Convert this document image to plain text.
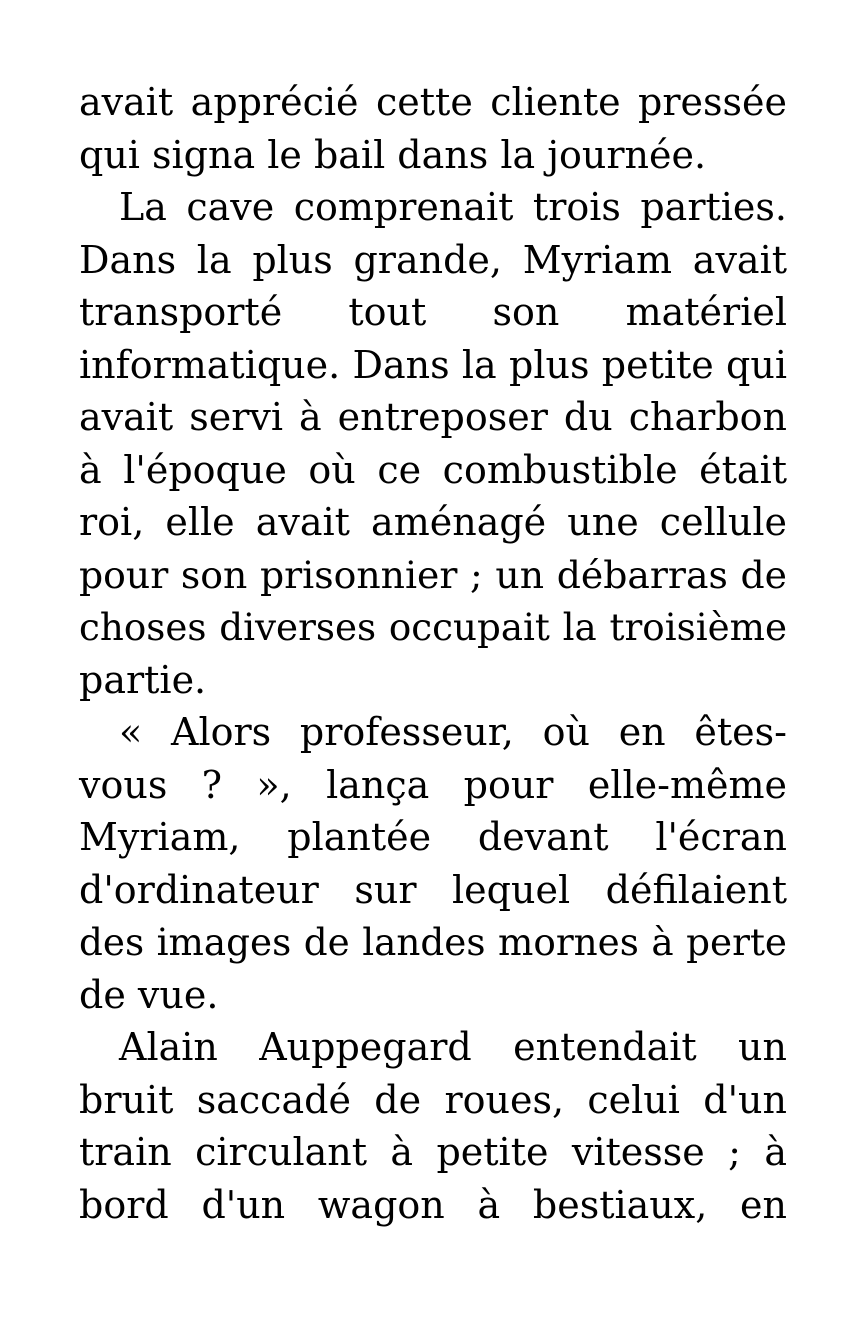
avait apprécié cette cliente pressée
qui signa le bail dans la journée.
La cave comprenait trois parties.
Dans la plus grande, Myriam avait
transporté tout son matériel
informatique. Dans la plus petite qui
avait servi à entreposer du charbon
à l'époque où ce combustible était
roi, elle avait aménagé une cellule
pour son prisonnier ; un débarras de
choses diverses occupait la troisième
partie.
« Alors professeur, où en êtes-
vous ? », lança pour elle-même
Myriam, plantée devant l'écran
d'ordinateur sur lequel défilaient
des images de landes mornes à perte
de vue.
Alain Auppegard entendait un
bruit saccadé de roues, celui d'un
train circulant à petite vitesse ; à
bord d'un wagon à bestiaux, en
